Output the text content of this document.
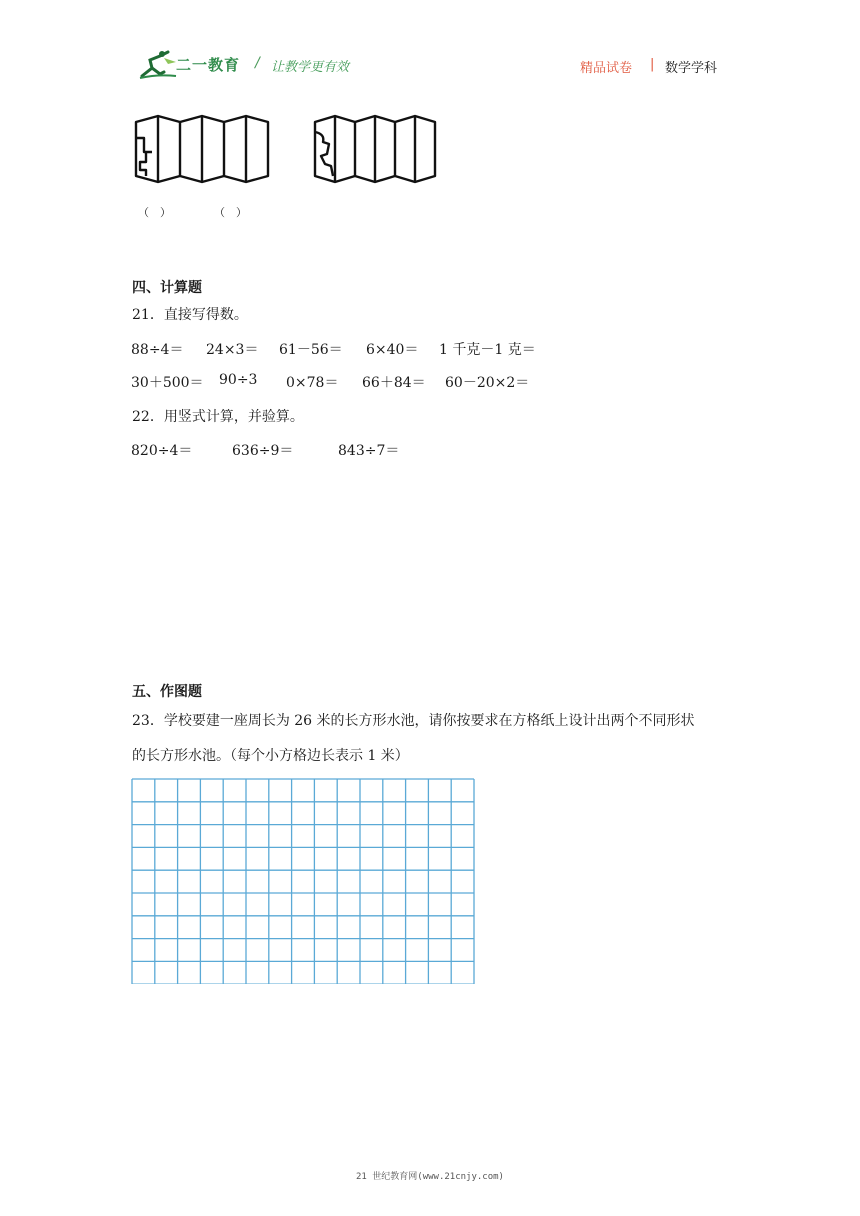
二一教育 / 让教学更有效	精品试卷 | 数学学科
（　）	（　）
四、计算题
21．直接写得数。
88÷4＝ 24×3＝ 61－56＝ 6×40＝ 1 千克－1 克＝
30＋500＝ 90÷3 0×78＝ 66＋84＝ 60－20×2＝
22．用竖式计算，并验算。
820÷4＝	636÷9＝	843÷7＝
五、作图题
23．学校要建一座周长为 26 米的长方形水池，请你按要求在方格纸上设计出两个不同形状
的长方形水池。（每个小方格边长表示 1 米）
21 世纪教育网(www.21cnjy.com)
